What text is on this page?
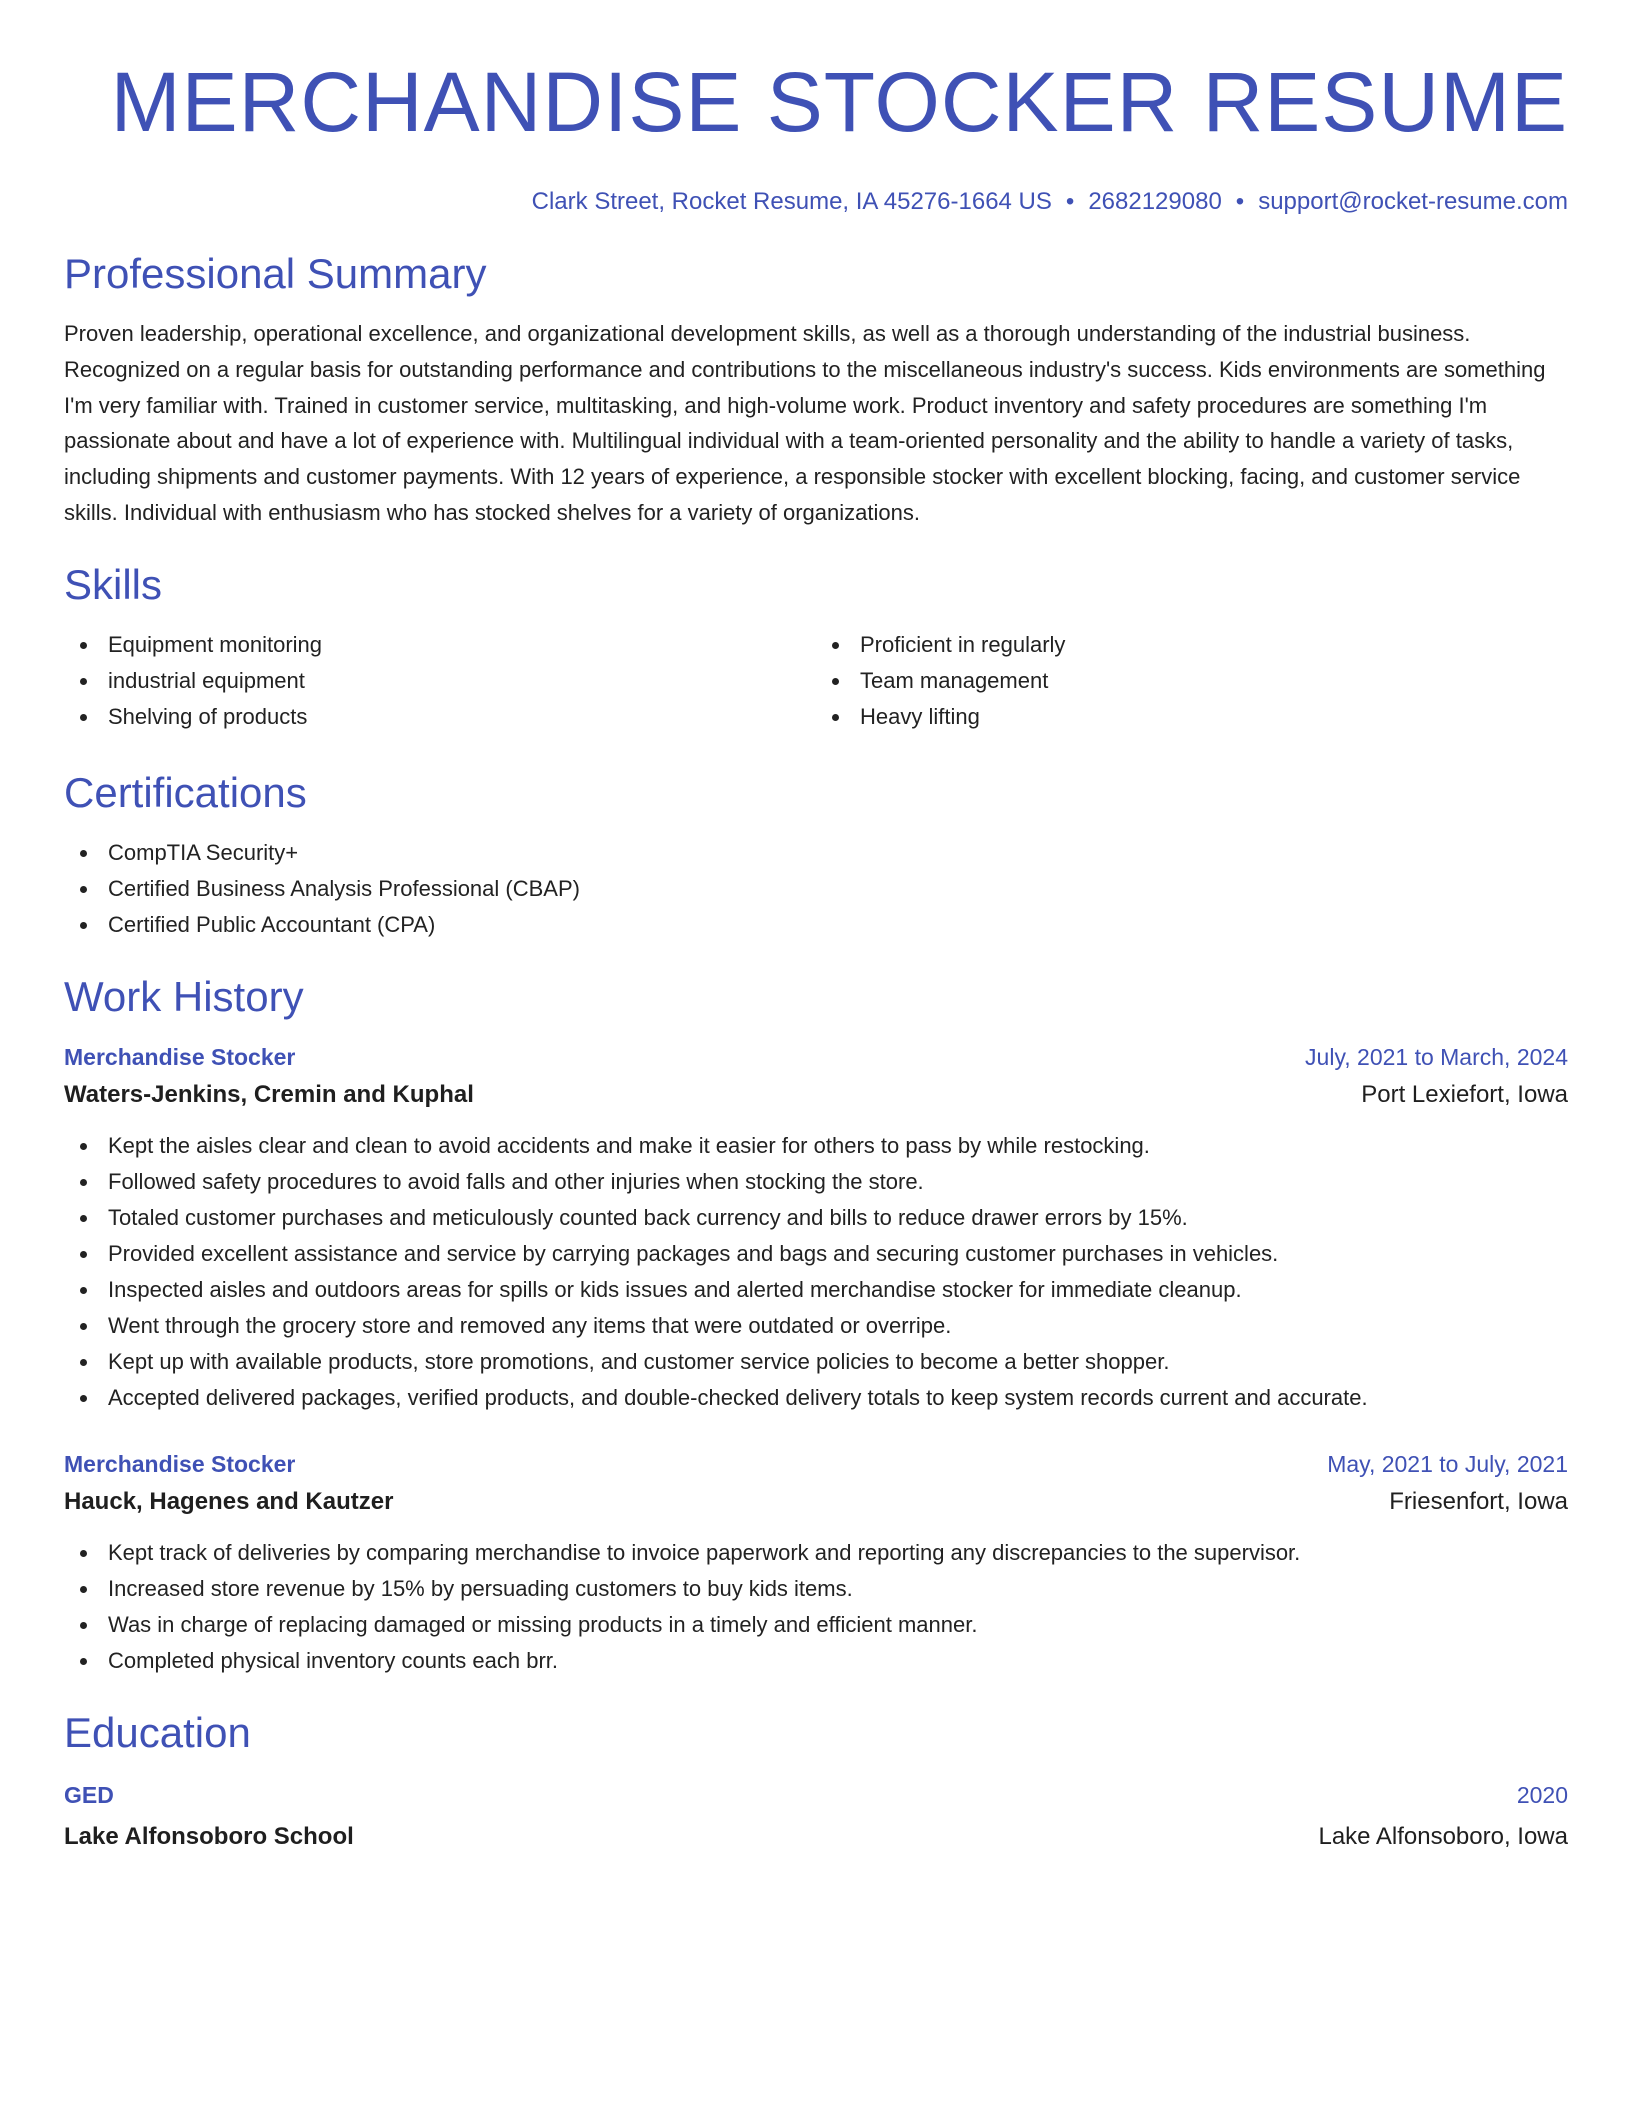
MERCHANDISE STOCKER RESUME
Clark Street, Rocket Resume, IA 45276-1664 US • 2682129080 • support@rocket-resume.com
Professional Summary

Proven leadership, operational excellence, and organizational development skills, as well as a thorough understanding of the industrial business. Recognized on a regular basis for outstanding performance and contributions to the miscellaneous industry's success. Kids environments are something I'm very familiar with. Trained in customer service, multitasking, and high-volume work. Product inventory and safety procedures are something I'm passionate about and have a lot of experience with. Multilingual individual with a team-oriented personality and the ability to handle a variety of tasks, including shipments and customer payments. With 12 years of experience, a responsible stocker with excellent blocking, facing, and customer service skills. Individual with enthusiasm who has stocked shelves for a variety of organizations.

Skills
Equipment monitoring
industrial equipment
Shelving of products
Proficient in regularly
Team management
Heavy lifting
Certifications
CompTIA Security+
Certified Business Analysis Professional (CBAP)
Certified Public Accountant (CPA)
Work History
Merchandise Stocker	July, 2021 to March, 2024
Waters-Jenkins, Cremin and Kuphal	Port Lexiefort, Iowa
Kept the aisles clear and clean to avoid accidents and make it easier for others to pass by while restocking.
Followed safety procedures to avoid falls and other injuries when stocking the store.
Totaled customer purchases and meticulously counted back currency and bills to reduce drawer errors by 15%.
Provided excellent assistance and service by carrying packages and bags and securing customer purchases in vehicles.
Inspected aisles and outdoors areas for spills or kids issues and alerted merchandise stocker for immediate cleanup.
Went through the grocery store and removed any items that were outdated or overripe.
Kept up with available products, store promotions, and customer service policies to become a better shopper.
Accepted delivered packages, verified products, and double-checked delivery totals to keep system records current and accurate.
Merchandise Stocker	May, 2021 to July, 2021
Hauck, Hagenes and Kautzer	Friesenfort, Iowa
Kept track of deliveries by comparing merchandise to invoice paperwork and reporting any discrepancies to the supervisor.
Increased store revenue by 15% by persuading customers to buy kids items.
Was in charge of replacing damaged or missing products in a timely and efficient manner.
Completed physical inventory counts each brr.
Education
GED	2020
Lake Alfonsoboro School	Lake Alfonsoboro, Iowa
